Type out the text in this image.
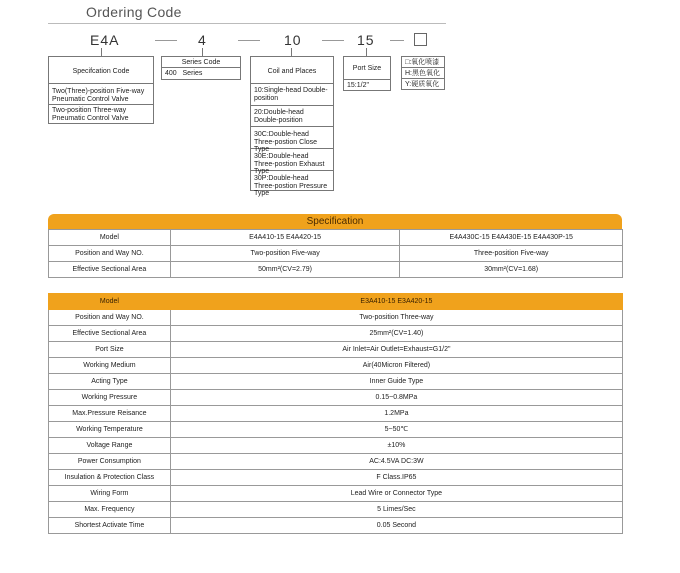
Ordering Code
E4A	4	10	15
Specifcation Code
Two(Three)-position Five-way Pneumatic Control Valve
Two-position Three-way Pneumatic Control Valve
Series Code
400   Series	Coil and Places
10:Single-head Double-position
20:Double-head Double-position
30C:Double-head Three-postion Close Type
30E:Double-head Three-postion Exhaust Type
30P:Double-head Three-postion Pressure Type
Port Size
15:1/2"
□:氧化喷漆
H:黑色氧化
Y:硬质氧化
Specification
Model	E4A410-15 E4A420-15	E4A430C-15 E4A430E-15 E4A430P-15
Position and Way NO.	Two-position Five-way	Three-position Five-way
Effective Sectional Area	50mm²(CV=2.79)	30mm²(CV=1.68)
Model	E3A410-15 E3A420-15
Position and Way NO.	Two-position Three-way
Effective Sectional Area	25mm²(CV=1.40)
Port Size	Air Inlet=Air Outlet=Exhaust=G1/2"
Working Medium	Air(40Micron Filtered)
Acting Type	Inner Guide Type
Working Pressure	0.15~0.8MPa
Max.Pressure Reisance	1.2MPa
Working Temperature	5~50℃
Voltage Range	±10%
Power Consumption	AC:4.5VA DC:3W
Insulation & Protection Class	F Class.IP65
Wiring Form	Lead Wire or Connector Type
Max. Frequency	5 Limes/Sec
Shortest Activate Time	0.05 Second
